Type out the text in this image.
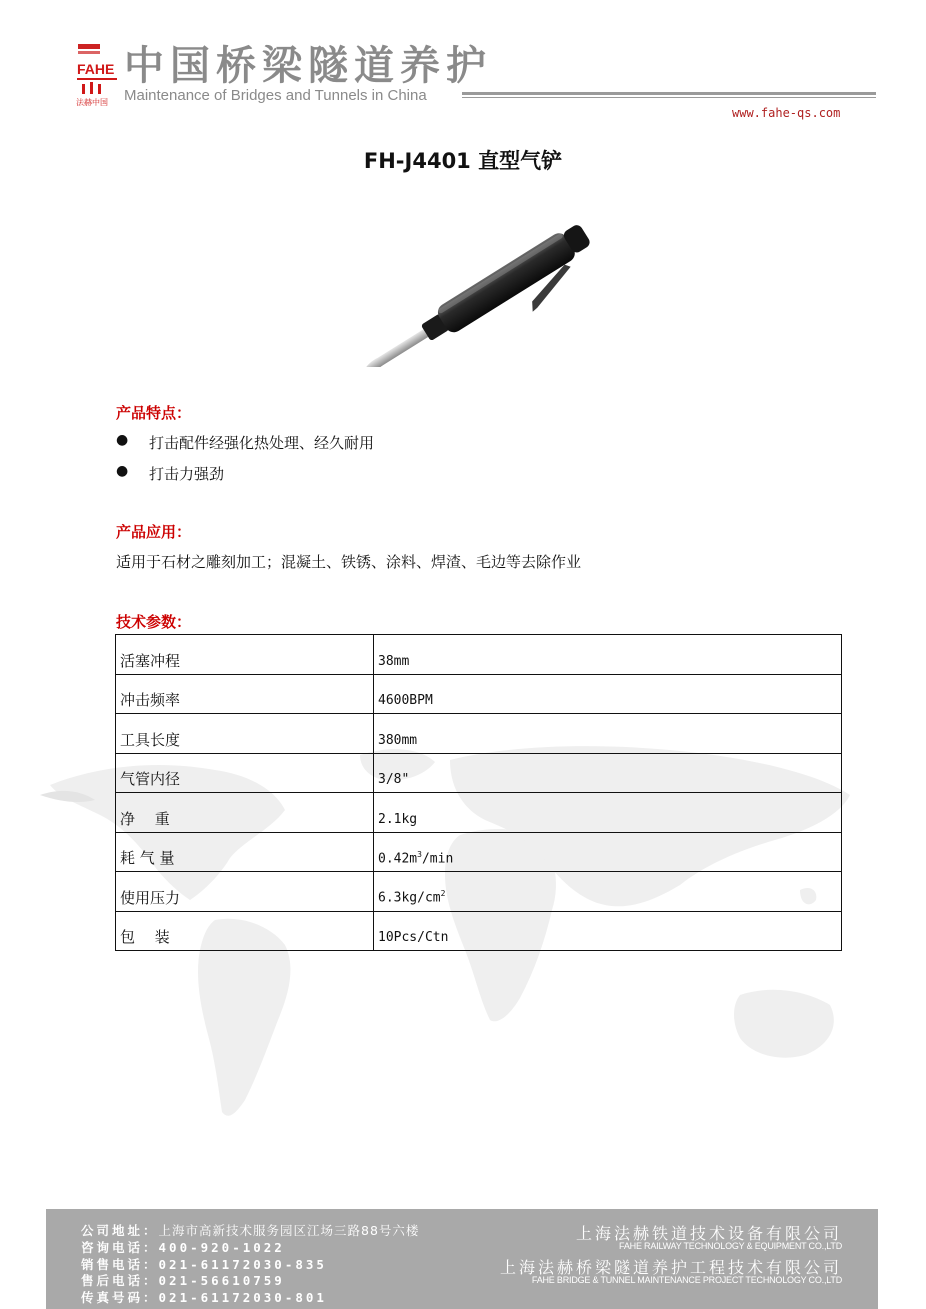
FAHE
法赫中国
中国桥梁隧道养护
Maintenance of Bridges and Tunnels in China
www.fahe-qs.com
FH-J4401 直型气铲
产品特点：
● 打击配件经强化热处理、经久耐用
● 打击力强劲
产品应用：
适用于石材之雕刻加工；混凝土、铁锈、涂料、焊渣、毛边等去除作业
技术参数：
活塞冲程	38mm
冲击频率	4600BPM
工具长度	380mm
气管内径	3/8"
净　 重	2.1kg
耗 气 量	$0.42m^3/\min$
使用压力	$6.3kg/cm^2$
包　 装	10Pcs/Ctn
公司地址：上海市高新技术服务园区江场三路88号六楼
咨询电话：400-920-1022
销售电话：021-61172030-835
售后电话：021-56610759
传真号码：021-61172030-801
上海法赫铁道技术设备有限公司
FAHE RAILWAY TECHNOLOGY & EQUIPMENT CO.,LTD
上海法赫桥梁隧道养护工程技术有限公司
FAHE BRIDGE & TUNNEL MAINTENANCE PROJECT TECHNOLOGY CO.,LTD
